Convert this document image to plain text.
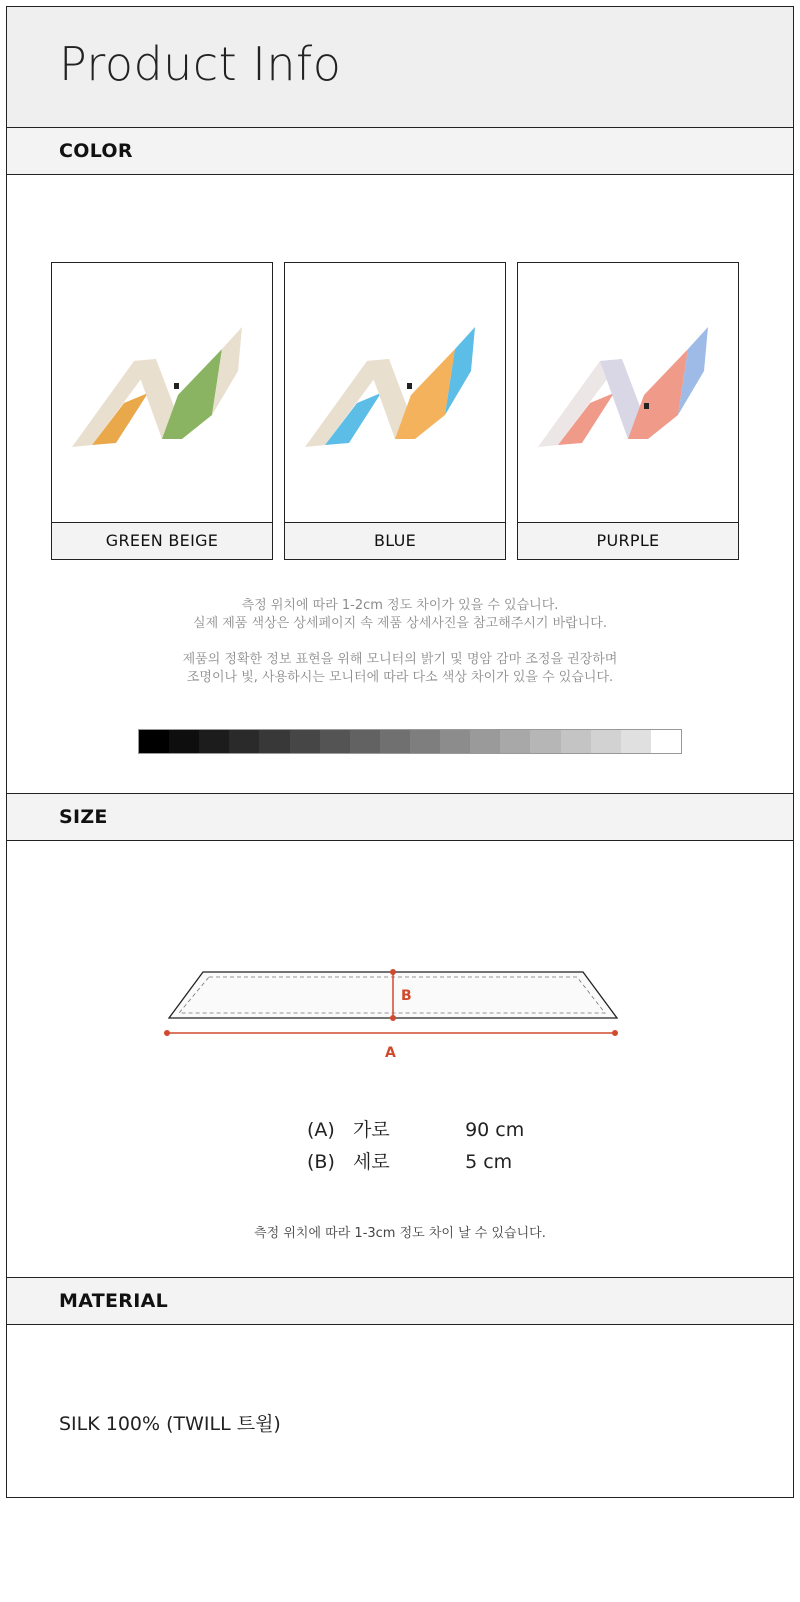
Product Info
COLOR
GREEN BEIGE	BLUE	PURPLE
측정 위치에 따라 1-2cm 정도 차이가 있을 수 있습니다.
실제 제품 색상은 상세페이지 속 제품 상세사진을 참고해주시기 바랍니다.
제품의 정확한 정보 표현을 위해 모니터의 밝기 및 명암 감마 조정을 권장하며
조명이나 빛, 사용하시는 모니터에 따라 다소 색상 차이가 있을 수 있습니다.
SIZE
B
A
(A) 가로	90 cm
(B) 세로	5 cm
측정 위치에 따라 1-3cm 정도 차이 날 수 있습니다.
MATERIAL
SILK 100% (TWILL 트윌)
